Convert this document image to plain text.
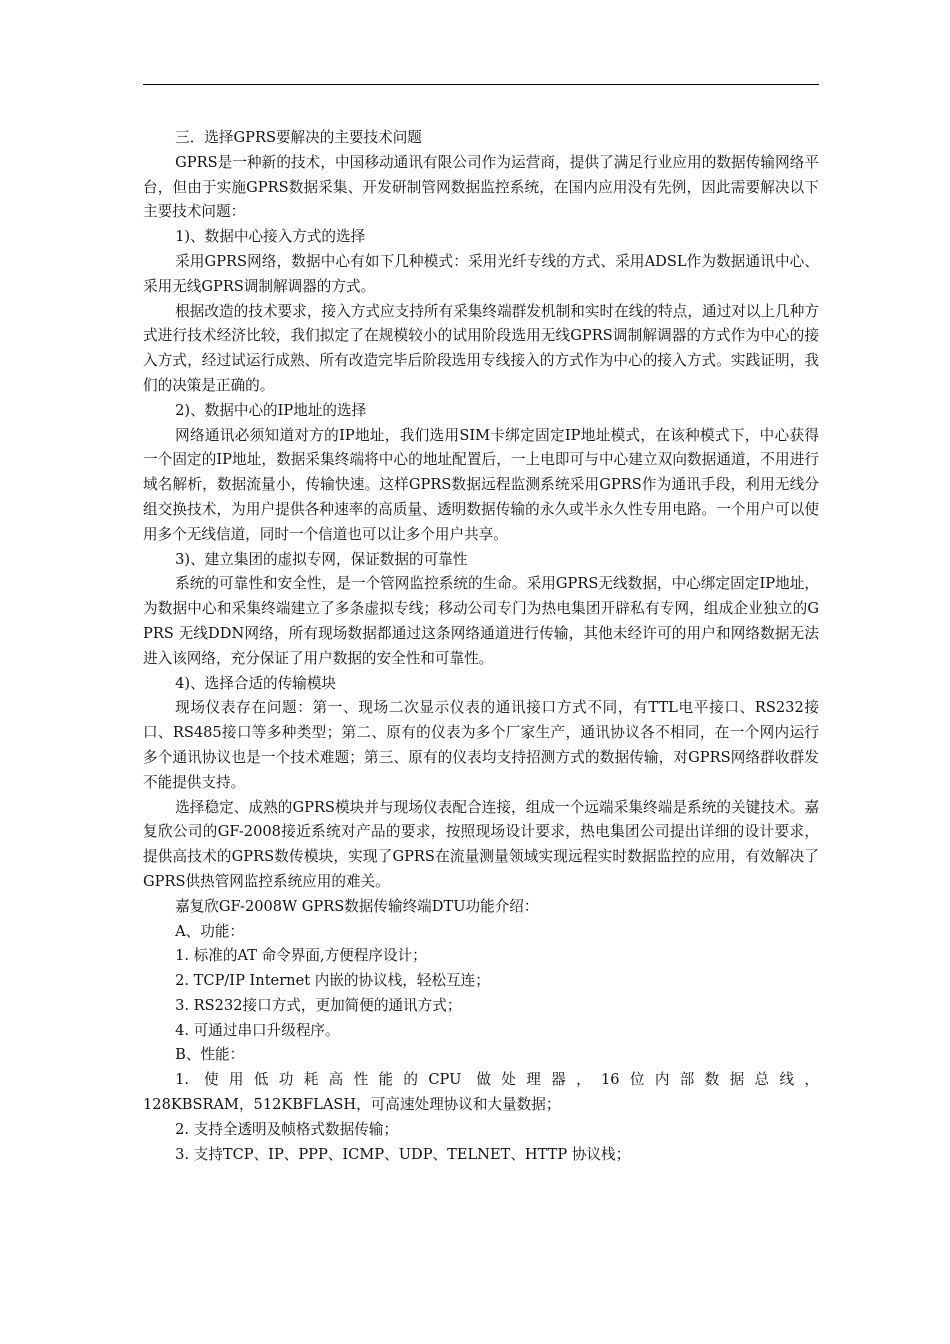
三．选择GPRS要解决的主要技术问题

GPRS是一种新的技术，中国移动通讯有限公司作为运营商，提供了满足行业应用的数据传输网络平台，但由于实施GPRS数据采集、开发研制管网数据监控系统，在国内应用没有先例，因此需要解决以下主要技术问题：

1)、数据中心接入方式的选择

采用GPRS网络，数据中心有如下几种模式：采用光纤专线的方式、采用ADSL作为数据通讯中心、采用无线GPRS调制解调器的方式。

根据改造的技术要求，接入方式应支持所有采集终端群发机制和实时在线的特点，通过对以上几种方式进行技术经济比较，我们拟定了在规模较小的试用阶段选用无线GPRS调制解调器的方式作为中心的接入方式，经过试运行成熟、所有改造完毕后阶段选用专线接入的方式作为中心的接入方式。实践证明，我们的决策是正确的。

2)、数据中心的IP地址的选择

网络通讯必须知道对方的IP地址，我们选用SIM卡绑定固定IP地址模式，在该种模式下，中心获得一个固定的IP地址，数据采集终端将中心的地址配置后，一上电即可与中心建立双向数据通道，不用进行域名解析，数据流量小，传输快速。这样GPRS数据远程监测系统采用GPRS作为通讯手段，利用无线分组交换技术，为用户提供各种速率的高质量、透明数据传输的永久或半永久性专用电路。一个用户可以使用多个无线信道，同时一个信道也可以让多个用户共享。

3)、建立集团的虚拟专网，保证数据的可靠性

系统的可靠性和安全性，是一个管网监控系统的生命。采用GPRS无线数据，中心绑定固定IP地址，为数据中心和采集终端建立了多条虚拟专线；移动公司专门为热电集团开辟私有专网，组成企业独立的GPRS 无线DDN网络，所有现场数据都通过这条网络通道进行传输，其他未经许可的用户和网络数据无法进入该网络，充分保证了用户数据的安全性和可靠性。

4)、选择合适的传输模块

现场仪表存在问题：第一、现场二次显示仪表的通讯接口方式不同，有TTL电平接口、RS232接口、RS485接口等多种类型；第二、原有的仪表为多个厂家生产，通讯协议各不相同，在一个网内运行多个通讯协议也是一个技术难题；第三、原有的仪表均支持招测方式的数据传输，对GPRS网络群收群发不能提供支持。

选择稳定、成熟的GPRS模块并与现场仪表配合连接，组成一个远端采集终端是系统的关键技术。嘉复欣公司的GF-2008接近系统对产品的要求，按照现场设计要求，热电集团公司提出详细的设计要求，提供高技术的GPRS数传模块，实现了GPRS在流量测量领域实现远程实时数据监控的应用，有效解决了GPRS供热管网监控系统应用的难关。

嘉复欣GF-2008W GPRS数据传输终端DTU功能介绍：

A、功能：

1. 标准的AT 命令界面,方便程序设计；

2. TCP/IP Internet 内嵌的协议栈，轻松互连；

3. RS232接口方式，更加简便的通讯方式；

4. 可通过串口升级程序。

B、性能：

1. 使用低功耗高性能的CPU 做处理器，16位内部数据总线，

128KBSRAM，512KBFLASH，可高速处理协议和大量数据；

2. 支持全透明及帧格式数据传输；

3. 支持TCP、IP、PPP、ICMP、UDP、TELNET、HTTP 协议栈；
